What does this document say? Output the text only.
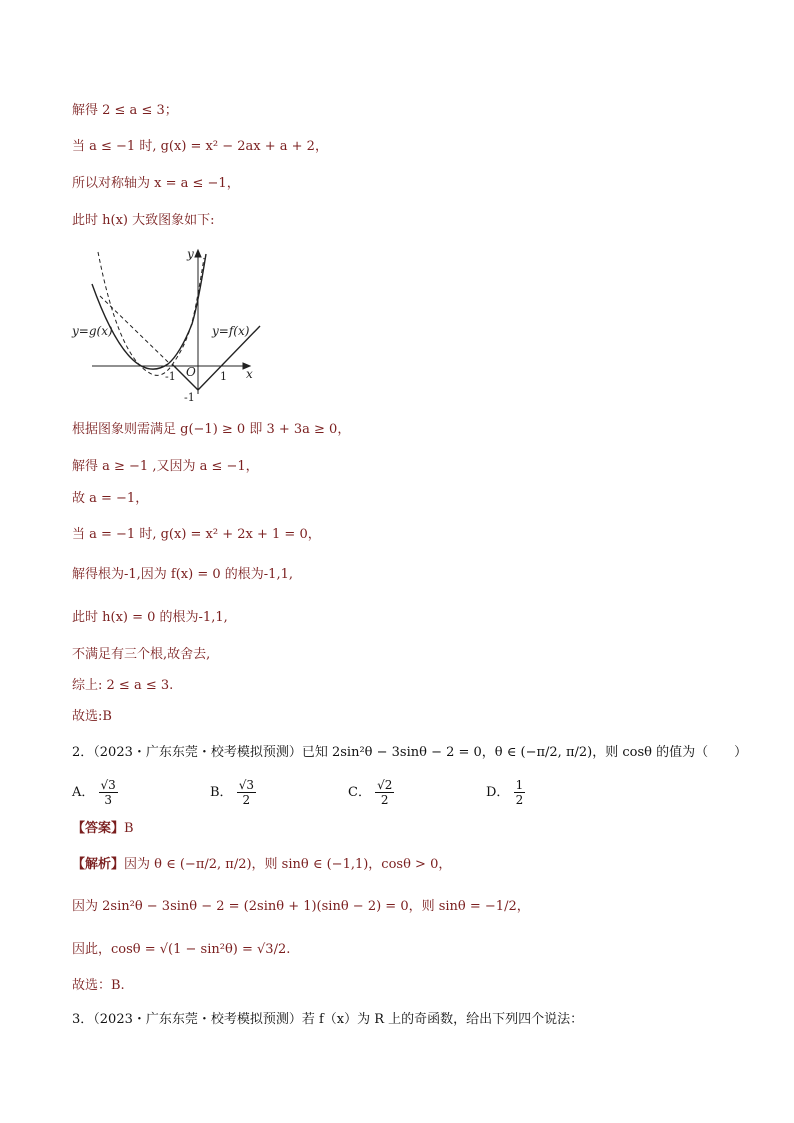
解得 2 ≤ a ≤ 3；
当 a ≤ −1 时, g(x) = x² − 2ax + a + 2，
所以对称轴为 x = a ≤ −1，
此时 h(x) 大致图象如下:
y
x
O
y=g(x)	y=f(x)
-1	1
-1
根据图象则需满足 g(−1) ≥ 0 即 3 + 3a ≥ 0，
解得 a ≥ −1 ,又因为 a ≤ −1，
故 a = −1，
当 a = −1 时, g(x) = x² + 2x + 1 = 0，
解得根为-1,因为 f(x) = 0 的根为-1,1,
此时 h(x) = 0 的根为-1,1,
不满足有三个根,故舍去,
综上: 2 ≤ a ≤ 3.
故选:B
2．（2023・广东东莞・校考模拟预测）已知 2sin²θ − 3sinθ − 2 = 0，θ ∈ (−π/2, π/2)，则 cosθ 的值为（　　）
A． $\frac{√3}{3}$	B． $\frac{√3}{2}$	C． $\frac{√2}{2}$	D． $\frac{1}{2}$
【答案】B
【解析】因为 θ ∈ (−π/2, π/2)，则 sinθ ∈ (−1,1)，cosθ > 0，
因为 2sin²θ − 3sinθ − 2 = (2sinθ + 1)(sinθ − 2) = 0，则 sinθ = −1/2，
因此，cosθ = √(1 − sin²θ) = √3/2.
故选：B.
3．（2023・广东东莞・校考模拟预测）若 f（x）为 R 上的奇函数，给出下列四个说法：
